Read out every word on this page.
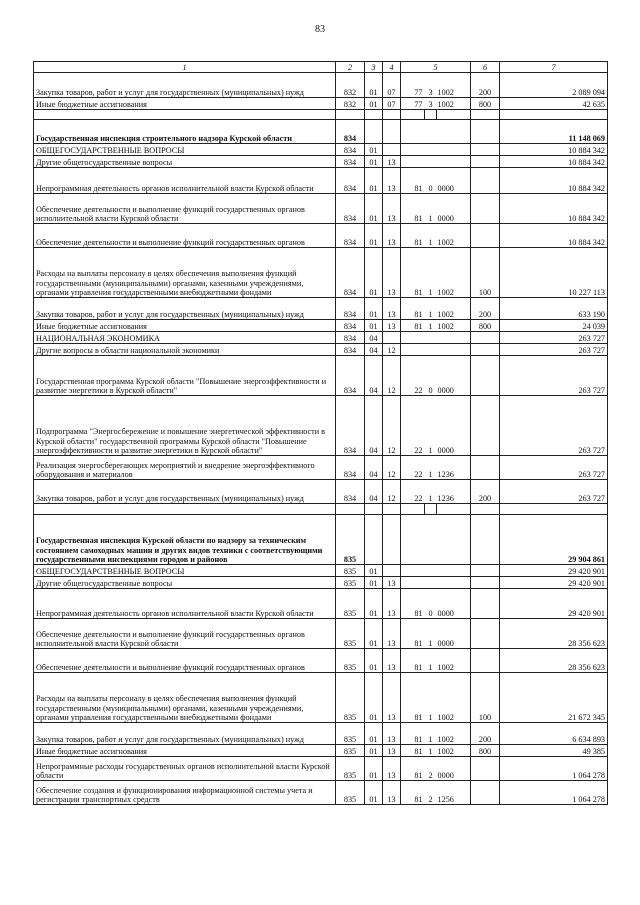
83
1	2	3	4	5			6	7
Закупка товаров, работ и услуг для государственных (муниципальных) нужд	832	01	07	77	3	1002	200	2 089 094
Иные бюджетные ассигнования	832	01	07	77	3	1002	800	42 635

Государственная инспекция строительного надзора Курской области	834							11 148 069
ОБЩЕГОСУДАРСТВЕННЫЕ ВОПРОСЫ	834	01						10 884 342
Другие общегосударственные вопросы	834	01	13					10 884 342
Непрограммная деятельность органов исполнительной власти Курской области	834	01	13	81	0	0000		10 884 342
Обеспечение деятельности и выполнение функций государственных органов исполнительной власти Курской области	834	01	13	81	1	0000		10 884 342
Обеспечение деятельности и выполнение функций государственных органов	834	01	13	81	1	1002		10 884 342
Расходы на выплаты персоналу в целях обеспечения выполнения функций государственными (муниципальными) органами, казенными учреждениями, органами управления государственными внебюджетными фондами	834	01	13	81	1	1002	100	10 227 113
Закупка товаров, работ и услуг для государственных (муниципальных) нужд	834	01	13	81	1	1002	200	633 190
Иные бюджетные ассигнования	834	01	13	81	1	1002	800	24 039
НАЦИОНАЛЬНАЯ ЭКОНОМИКА	834	04						263 727
Другие вопросы в области национальной экономики	834	04	12					263 727
Государственная программа Курской области "Повышение энергоэффективности и развитие энергетики в Курской области"	834	04	12	22	0	0000		263 727
Подпрограмма "Энергосбережение и повышение энергетической эффективности в Курской области" государственной программы Курской области "Повышение энергоэффективности и развитие энергетики в Курской области"	834	04	12	22	1	0000		263 727
Реализация энергосберегающих мероприятий и внедрение энергоэффективного оборудования и материалов	834	04	12	22	1	1236		263 727
Закупка товаров, работ и услуг для государственных (муниципальных) нужд	834	04	12	22	1	1236	200	263 727

Государственная инспекция Курской области по надзору за техническим состоянием самоходных машин и других видов техники с соответствующими государственными инспекциями городов и районов	835							29 904 861
ОБЩЕГОСУДАРСТВЕННЫЕ ВОПРОСЫ	835	01						29 420 901
Другие общегосударственные вопросы	835	01	13					29 420 901
Непрограммная деятельность органов исполнительной власти Курской области	835	01	13	81	0	0000		29 420 901
Обеспечение деятельности и выполнение функций государственных органов исполнительной власти Курской области	835	01	13	81	1	0000		28 356 623
Обеспечение деятельности и выполнение функций государственных органов	835	01	13	81	1	1002		28 356 623
Расходы на выплаты персоналу в целях обеспечения выполнения функций государственными (муниципальными) органами, казенными учреждениями, органами управления государственными внебюджетными фондами	835	01	13	81	1	1002	100	21 672 345
Закупка товаров, работ и услуг для государственных (муниципальных) нужд	835	01	13	81	1	1002	200	6 634 893
Иные бюджетные ассигнования	835	01	13	81	1	1002	800	49 385
Непрограммные расходы государственных органов исполнительной власти Курской области	835	01	13	81	2	0000		1 064 278
Обеспечение создания и функционирования информационной системы учета и регистрации транспортных средств	835	01	13	81	2	1256		1 064 278
